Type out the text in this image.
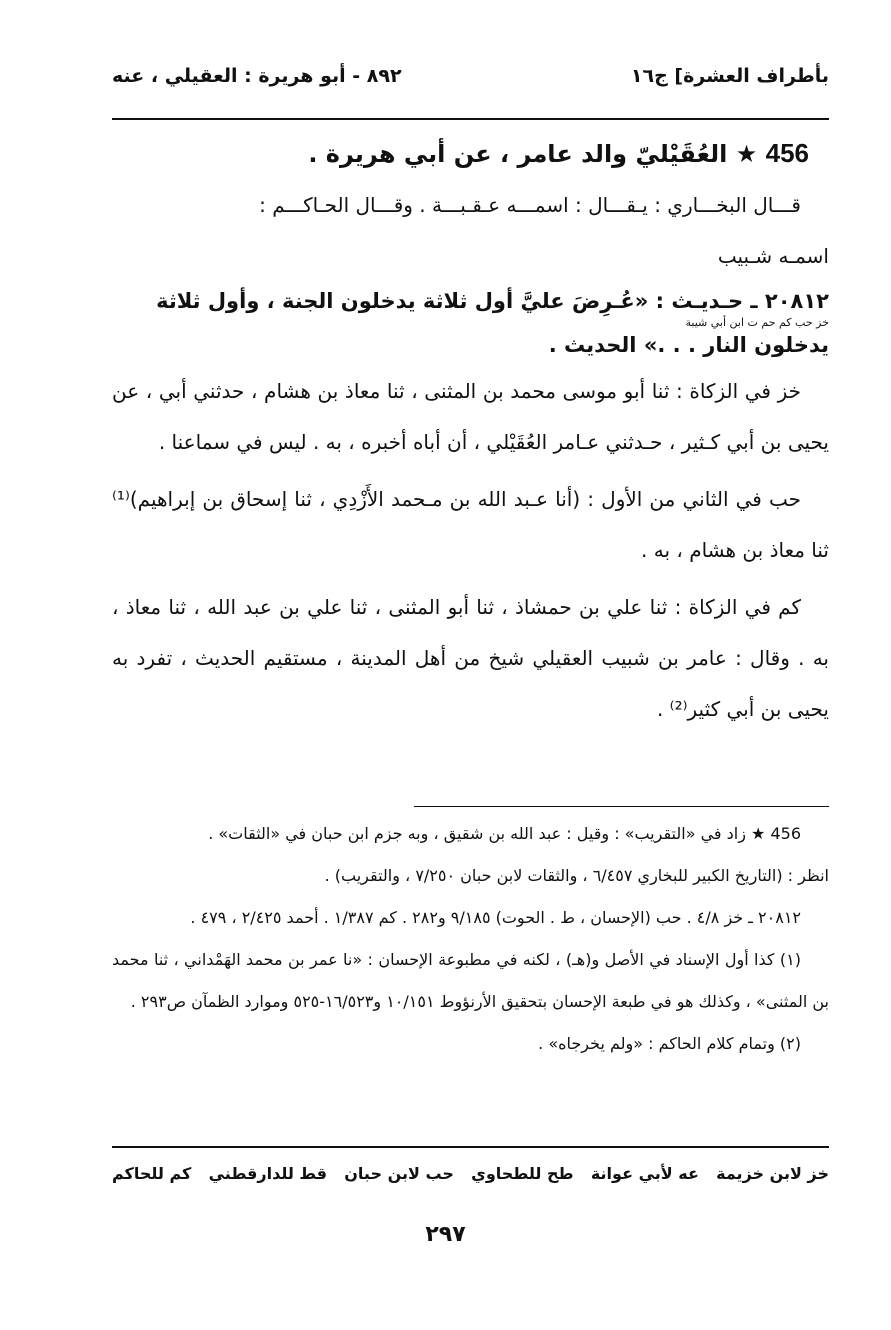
بأطراف العشرة] ج١٦
٨٩٢ - أبو هريرة : العقيلي ، عنه

456 ★ العُقَيْليّ والد عامر ، عن أبي هريرة .

قـــال البخـــاري : يـقـــال : اسمـــه عـقـبـــة . وقـــال الحـاكـــم :

اسمـه شـبيب

٢٠٨١٢ ـ حـديـث : «عُـرِضَ عليَّ أول ثلاثة يدخلون الجنة ، وأول ثلاثة
خز حب كم حم ت ابن أبي شيبة
يدخلون النار . . .» الحديث .

خز في الزكاة : ثنا أبو موسى محمد بن المثنى ، ثنا معاذ بن هشام ، حدثني أبي ، عن يحيى بن أبي كـثير ، حـدثني عـامر العُقَيْلي ، أن أباه أخبره ، به . ليس في سماعنا .

حب في الثاني من الأول : (أنا عـبد الله بن مـحمد الأَزْدِي ، ثنا إسحاق بن إبراهيم)⁽¹⁾ ثنا معاذ بن هشام ، به .

كم في الزكاة : ثنا علي بن حمشاذ ، ثنا أبو المثنى ، ثنا علي بن عبد الله ، ثنا معاذ ، به . وقال : عامر بن شبيب العقيلي شيخ من أهل المدينة ، مستقيم الحديث ، تفرد به يحيى بن أبي كثير⁽²⁾ .

456 ★ زاد في «التقريب» : وقيل : عبد الله بن شقيق ، وبه جزم ابن حبان في «الثقات» .

انظر : (التاريخ الكبير للبخاري ٦/٤٥٧ ، والثقات لابن حبان ٧/٢٥٠ ، والتقريب) .

٢٠٨١٢ ـ خز ٤/٨ . حب (الإحسان ، ط . الحوت) ٩/١٨٥ و٢٨٢ . كم ١/٣٨٧ . أحمد ٢/٤٢٥ ، ٤٧٩ .

(١) كذا أول الإسناد في الأصل و(هـ) ، لكنه في مطبوعة الإحسان : «نا عمر بن محمد الهَمْداني ، ثنا محمد بن المثنى» ، وكذلك هو في طبعة الإحسان بتحقيق الأرنؤوط ١٠/١٥١ و١٦/٥٢٣-٥٢٥ وموارد الظمآن ص٢٩٣ .

(٢) وتمام كلام الحاكم : «ولم يخرجاه» .

خز لابن خزيمة
عه لأبي عوانة
طح للطحاوي
حب لابن حبان
قط للدارقطني
كم للحاكم
٢٩٧
